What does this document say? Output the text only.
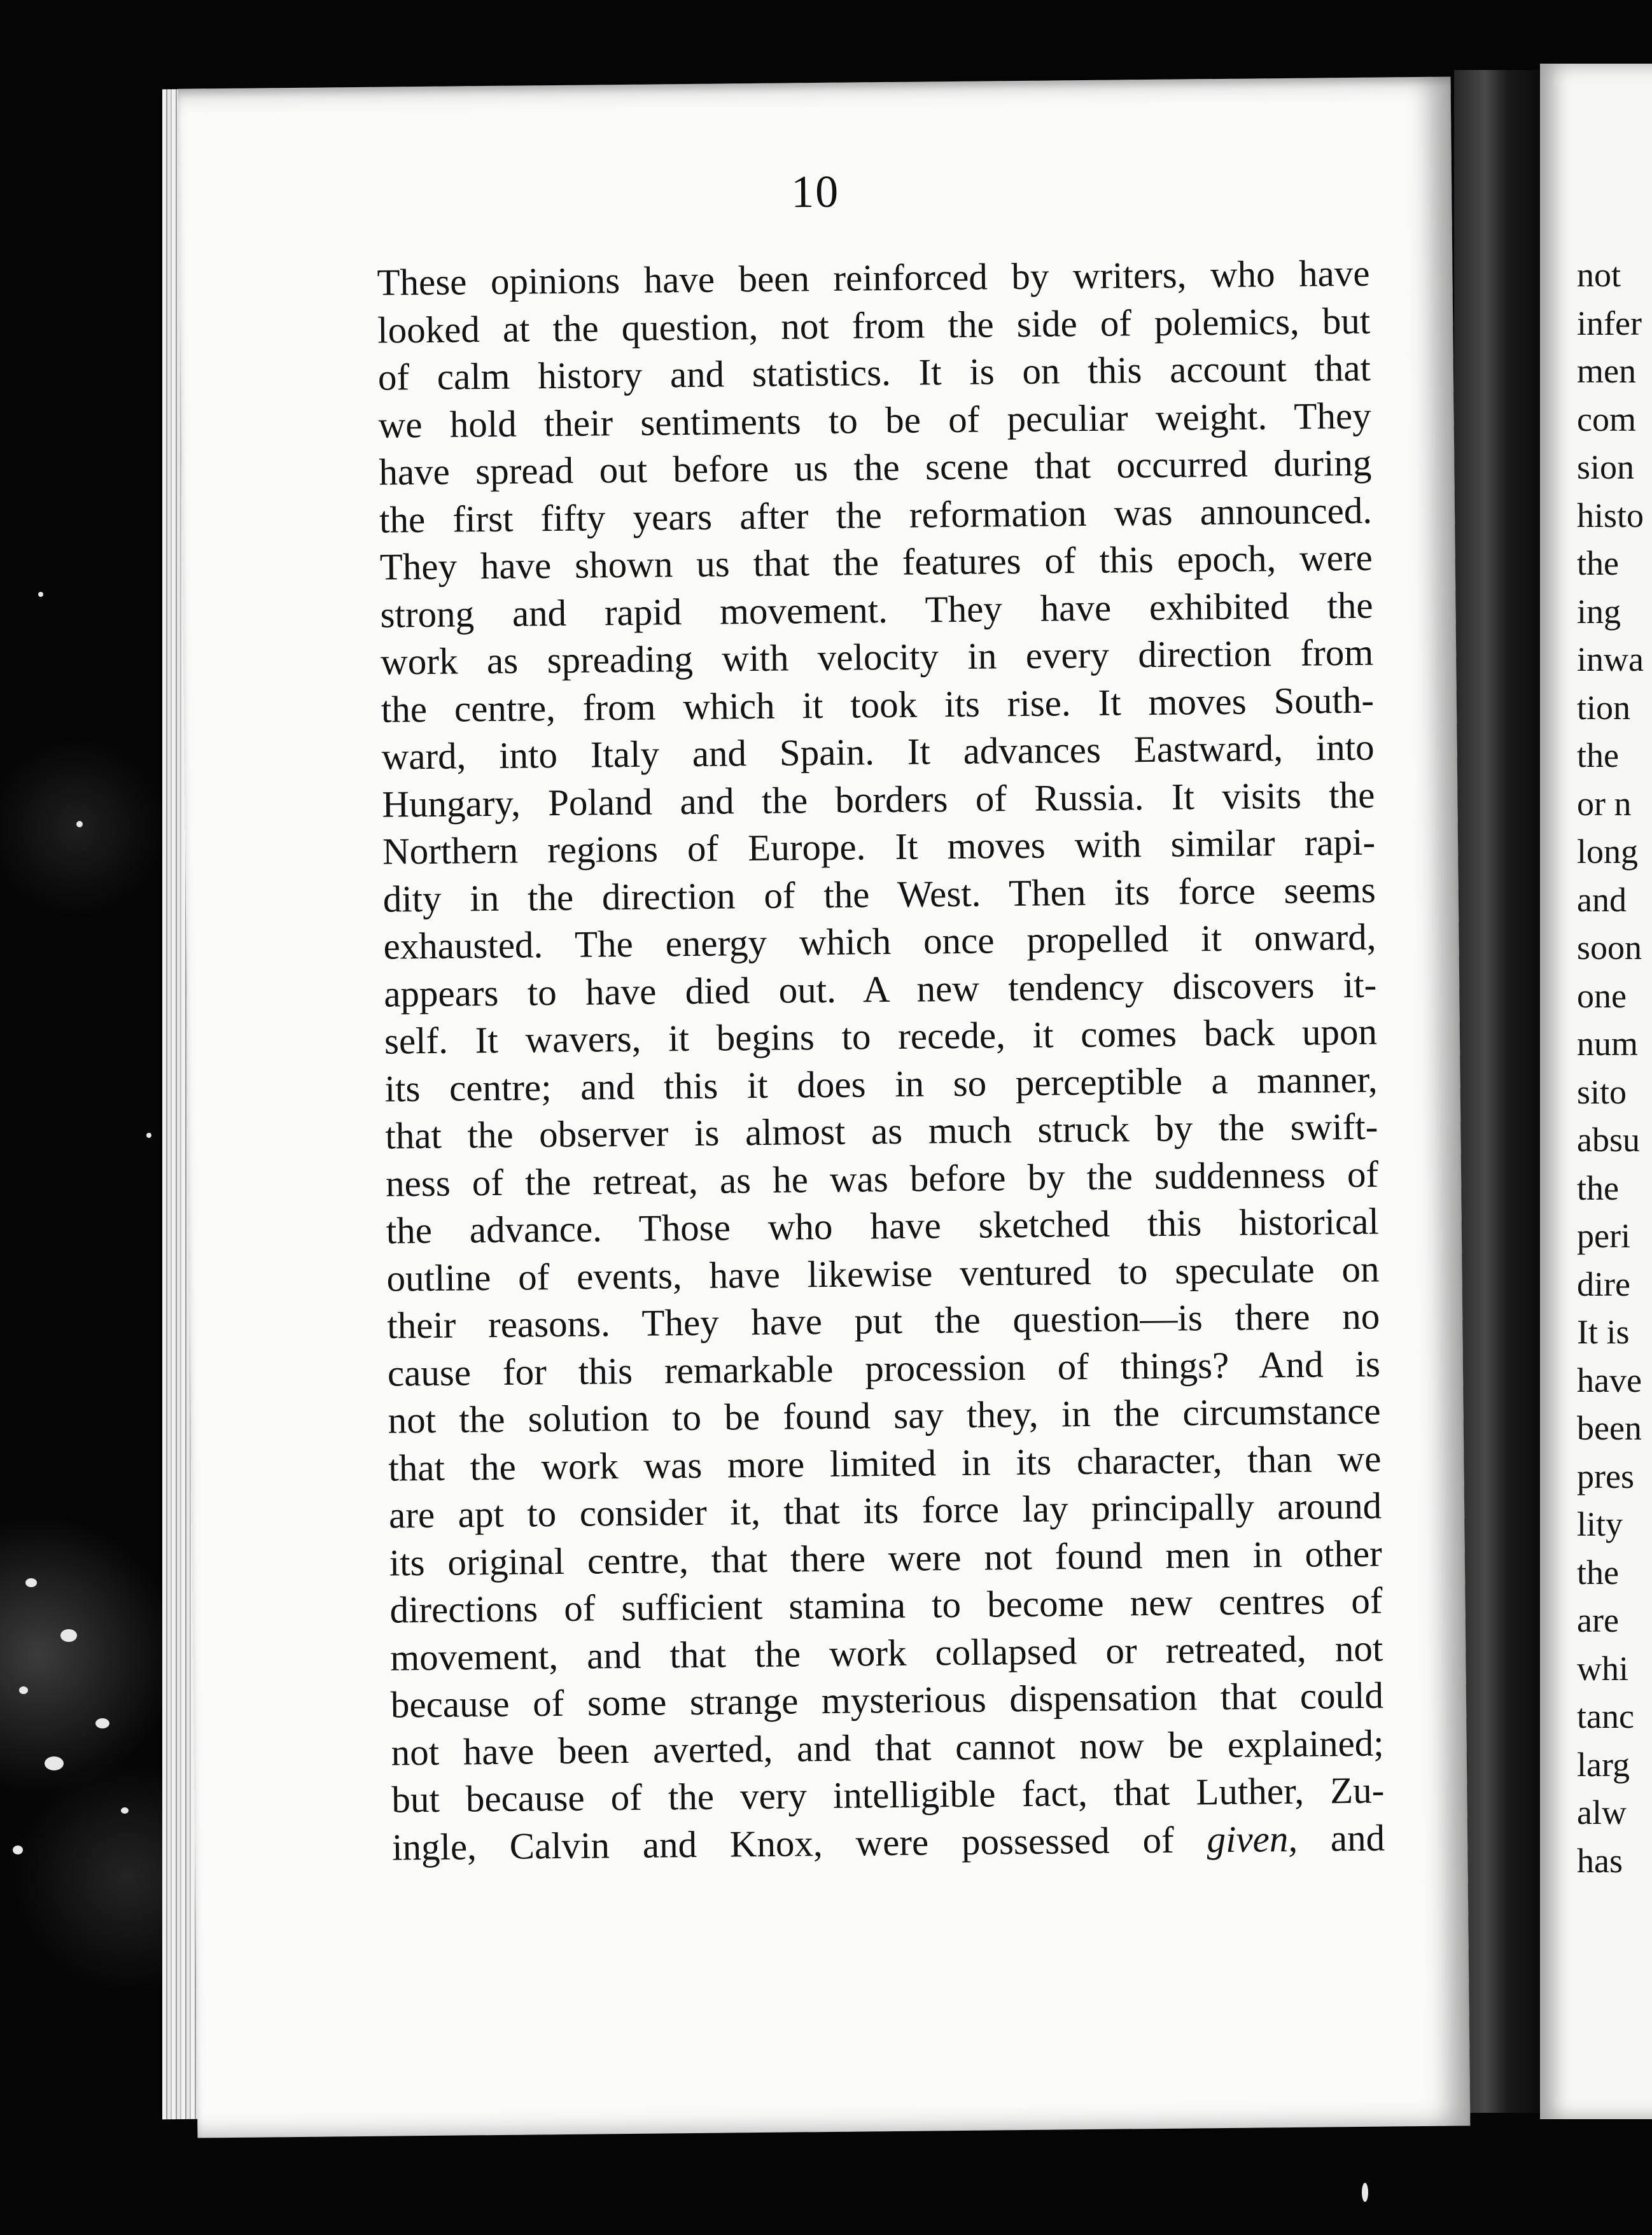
not
infer
men
com
sion
histo
the
ing
inwa
tion
the
or n
long
and
soon
one
num
sito
absu
the
peri
dire
It is
have
been
pres
lity
the
are
whi
tanc
larg
alw
has
10

These opinions have been reinforced by writers, who have
looked at the question, not from the side of polemics, but
of calm history and statistics. It is on this account that
we hold their sentiments to be of peculiar weight. They
have spread out before us the scene that occurred during
the first fifty years after the reformation was announced.
They have shown us that the features of this epoch, were
strong and rapid movement. They have exhibited the
work as spreading with velocity in every direction from
the centre, from which it took its rise. It moves South-
ward, into Italy and Spain. It advances Eastward, into
Hungary, Poland and the borders of Russia. It visits the
Northern regions of Europe. It moves with similar rapi-
dity in the direction of the West. Then its force seems
exhausted. The energy which once propelled it onward,
appears to have died out. A new tendency discovers it-
self. It wavers, it begins to recede, it comes back upon
its centre; and this it does in so perceptible a manner,
that the observer is almost as much struck by the swift-
ness of the retreat, as he was before by the suddenness of
the advance. Those who have sketched this historical
outline of events, have likewise ventured to speculate on
their reasons. They have put the question—is there no
cause for this remarkable procession of things? And is
not the solution to be found say they, in the circumstance
that the work was more limited in its character, than we
are apt to consider it, that its force lay principally around
its original centre, that there were not found men in other
directions of sufficient stamina to become new centres of
movement, and that the work collapsed or retreated, not
because of some strange mysterious dispensation that could
not have been averted, and that cannot now be explained;
but because of the very intelligible fact, that Luther, Zu-
ingle, Calvin and Knox, were possessed of given, and
